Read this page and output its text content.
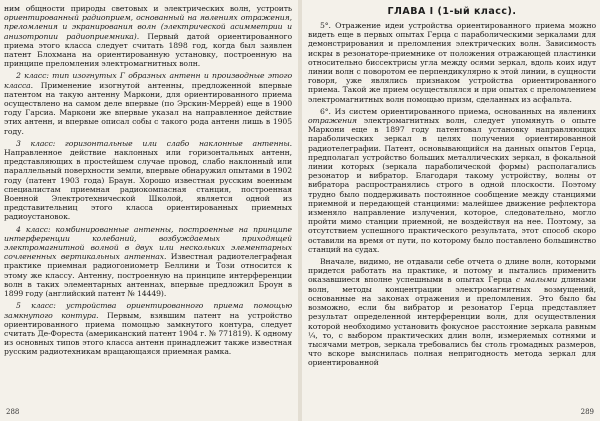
ним общности природы световых и электрических волн, устроить ориентированный радиоприем, основанный на явлениях отражения, преломления и экранирования волн (электрической асимметрии и анизотропии радиоприемника). Первый датой ориентированного приема этого класса следует считать 1898 год, когда был заявлен патент Блохмана на ориентированную установку, построенную на принципе преломления электромагнитных волн.

2 класс: тип изогнутых Г образных антенн и производные этого класса. Применение изогнутой антенны, предложенной впервые патентом на такую антенну Маркони, для ориентированного приема осуществлено на самом деле впервые (по Эрскин-Меррей) еще в 1900 году Гарсиа. Маркони же впервые указал на направленное действие этих антенн, и впервые описал собы с такого рода антенн лишь в 1905 году.

3 класс: горизонтальные или слабо наклонные антенны. Направленное действие наклонных или горизонтальных антенн, представляющих в простейшем случае провод, слабо наклонный или параллельный поверхности земли, впервые обнаружил опытами в 1902 году (патент 1903 года) Браун. Хорошо известная русским военным специалистам приемная радиокомпасная станция, построенная Военной Электротехнической Школой, является одной из представительниц этого класса ориентированных приемных радиоустановок.

4 класс: комбинированные антенны, построенные на принципе интерференции колебаний, возбуждаемых приходящей электромагнитной волной в двух или нескольких элементарных сочлененных вертикальных антеннах. Известная радиотелеграфная практике приемная радиогониометр Беллини и Този относится к этому же классу. Антенну, построенную на принципе интерференции волн в таких элементарных антеннах, впервые предложил Броун в 1899 году (английский патент № 14449).

5 класс: устройства ориентированного приема помощью замкнутого контура. Первым, взявшим патент на устройство ориентированного приема помощью замкнутого контура, следует считать Де-Фореста (американский патент 1904 г. № 771819). К одному из основных типов этого класса антенн принадлежит также известная русским радиотехникам вращающаяся приемная рамка.

288
ГЛАВА I (1-ый класс).

5°. Отражение идеи устройства ориентированного приема можно видеть еще в первых опытах Герца с параболическими зеркалами для демонстрирования и преломления электрических волн. Зависимость искры в резонаторе-приемнике от положения отражающей пластинки относительно биссектрисы угла между осями зеркал, вдоль коих идут линии волн с поворотом ее перпендикулярно к этой линии, в сущности говоря, уже являлись признаком устройства ориентированного приема. Такой же прием осуществлялся и при опытах с преломлением электромагнитных волн помощью призм, сделанных из асфальта.

6°. Из систем ориентированного приема, основанных на явлениях отражения электромагнитных волн, следует упомянуть о опыте Маркони еще в 1897 году патентовал установку направляющих параболических зеркал в целях получения ориентированной радиотелеграфии. Патент, основывающийся на данных опытов Герца, предполагал устройство больших металлических зеркал, в фокальной линии которых (зеркала параболической формы) располагались резонатор и вибратор. Благодаря такому устройству, волны от вибратора распространялись строго в одной плоскости. Поэтому трудно было поддерживать постоянное сообщение между станциями приемной и передающей станциями: малейшее движение рефлектора изменяло направление излучения, которое, следовательно, могло пройти мимо станции приемной, не воздействуя на нее. Поэтому, за отсутствием успешного практического результата, этот способ скоро оставили на время от пути, по которому было поставлено большинство станций на судах.

Вначале, видимо, не отдавали себе отчета о длине волн, которыми придется работать на практике, и потому и пытались применить оказавшиеся вполне успешными в опытах Герца с малыми длинами волн, методы концентрации электромагнитных возмущений, основанные на законах отражения и преломления. Это было бы возможно, если бы вибратор и резонатор Герца представляет результат определенной интерференции волн, для осуществления которой необходимо установить фокусное расстояние зеркала равным ¼, то, с выбором практических длин волн, измеряемых сотнями и тысячами метров, зеркала требовались бы столь громадных размеров, что вскоре выяснилась полная непригодность метода зеркал для ориентированной

289
